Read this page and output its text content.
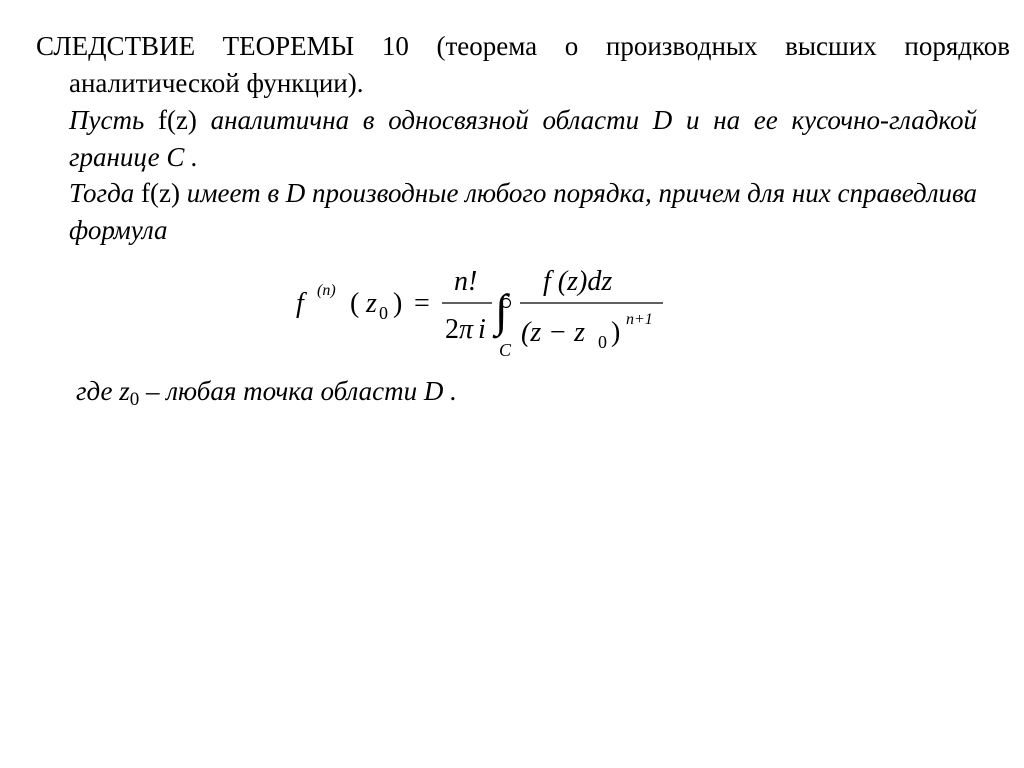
СЛЕДСТВИЕ ТЕОРЕМЫ 10 (теорема о производных высших порядков аналитической функции).

Пусть f(z) аналитична в односвязной области D и на ее кусочно-гладкой границе C .

Тогда f(z) имеет в D производные любого порядка, причем для них справедлива формула

f (n) ( z 0 ) =
n!
2 π i ∫
C
f (z)dz
(z − z 0 ) n+1

где $z_0$ – любая точка области D .
